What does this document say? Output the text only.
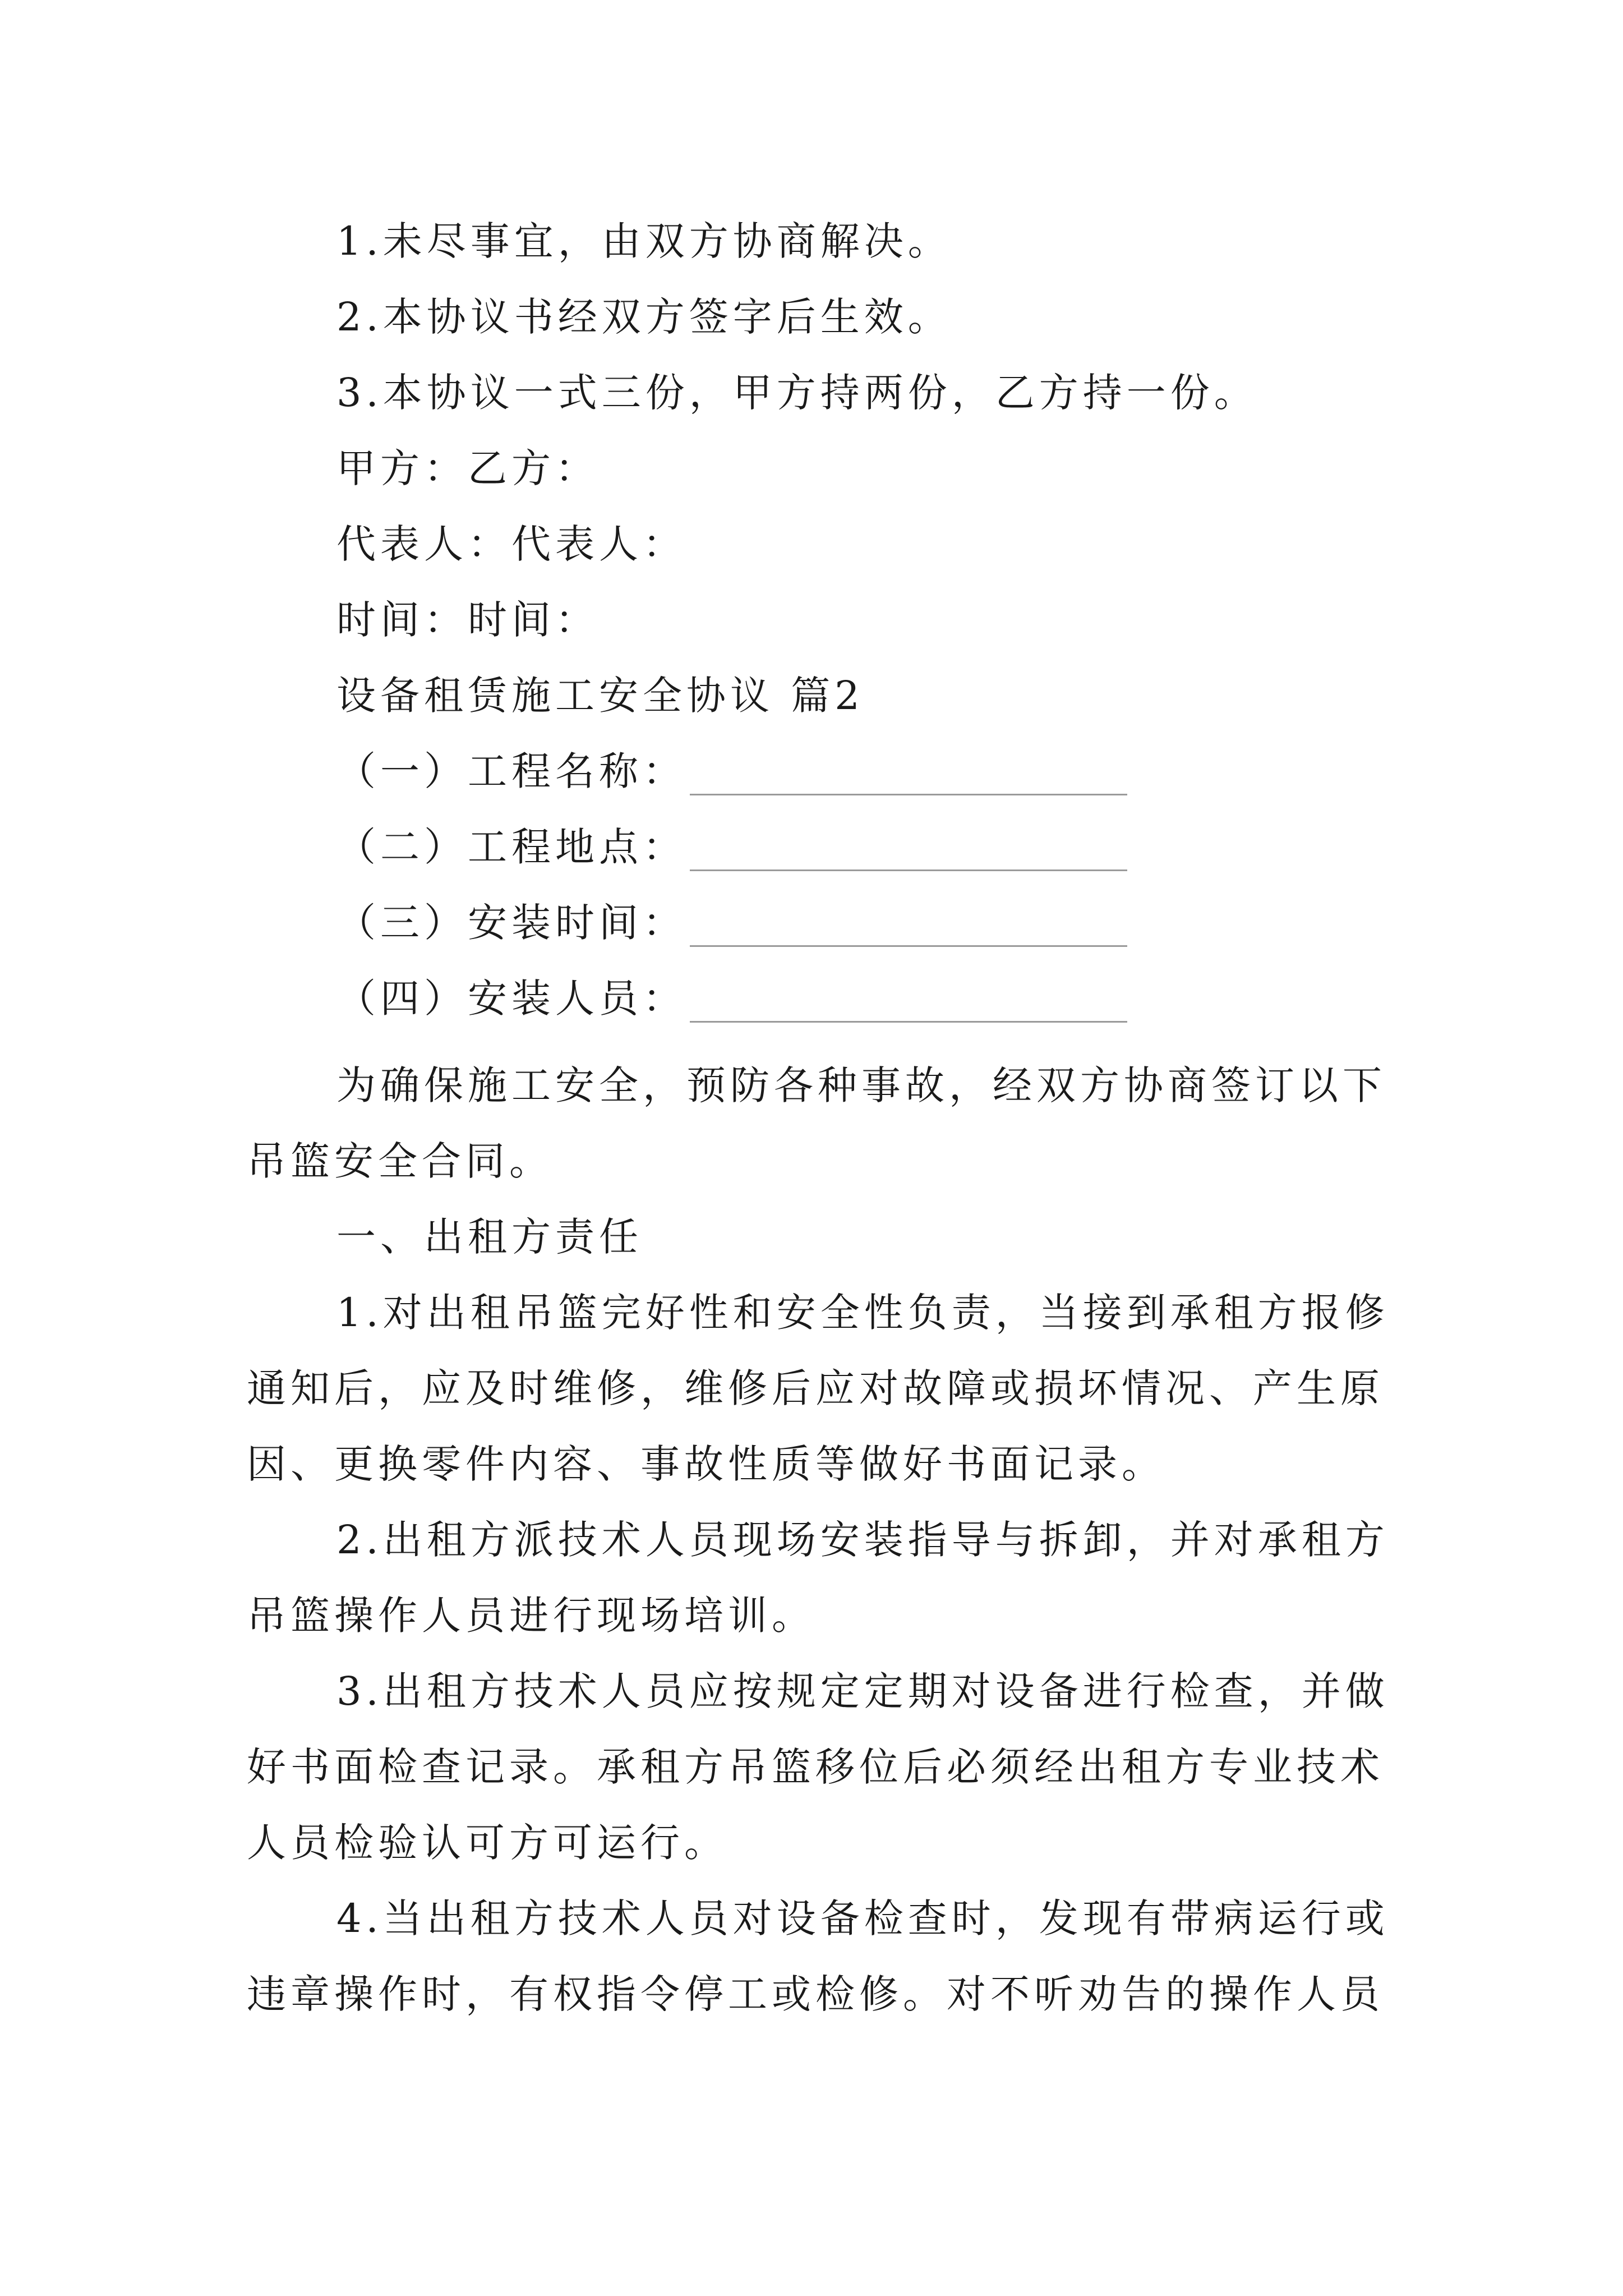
1.未尽事宜，由双方协商解决。
2.本协议书经双方签字后生效。
3.本协议一式三份，甲方持两份，乙方持一份。
甲方：乙方：
代表人：代表人：
时间：时间：
设备租赁施工安全协议 篇2
（一）工程名称：
（二）工程地点：
（三）安装时间：
（四）安装人员：
为确保施工安全，预防各种事故，经双方协商签订以下
吊篮安全合同。
一、出租方责任
1.对出租吊篮完好性和安全性负责，当接到承租方报修
通知后，应及时维修，维修后应对故障或损坏情况、产生原
因、更换零件内容、事故性质等做好书面记录。
2.出租方派技术人员现场安装指导与拆卸，并对承租方
吊篮操作人员进行现场培训。
3.出租方技术人员应按规定定期对设备进行检查，并做
好书面检查记录。承租方吊篮移位后必须经出租方专业技术
人员检验认可方可运行。
4.当出租方技术人员对设备检查时，发现有带病运行或
违章操作时，有权指令停工或检修。对不听劝告的操作人员
